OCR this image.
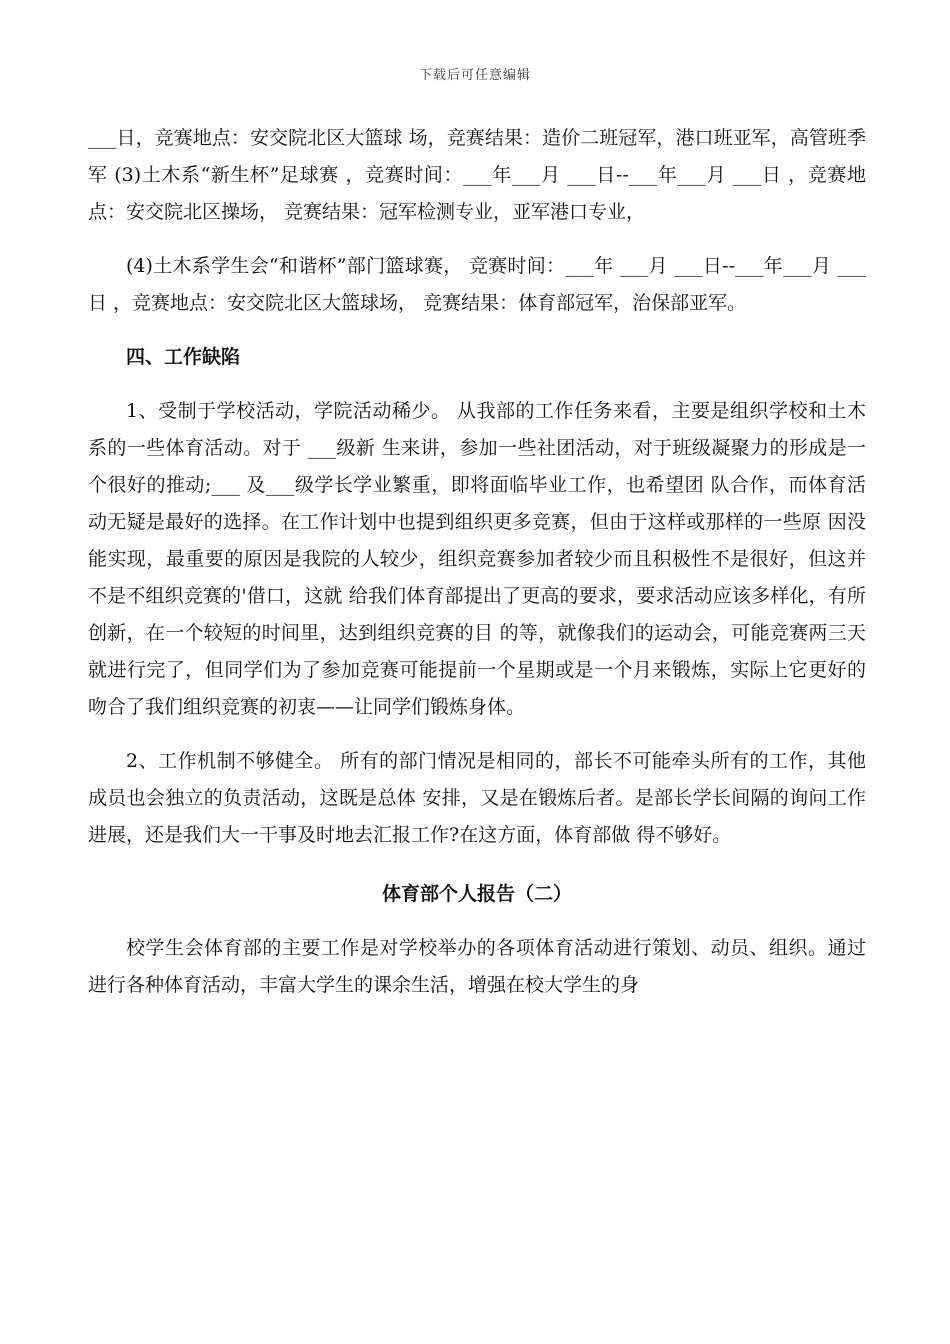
下载后可任意编辑

___日，竞赛地点：安交院北区大篮球 场，竞赛结果：造价二班冠军，港口班亚军，高管班季军 (3)土木系“新生杯”足球赛 ，竞赛时间：___年___月 ___日--___年___月 ___日 ，竞赛地点：安交院北区操场， 竞赛结果：冠军检测专业，亚军港口专业，

(4)土木系学生会“和谐杯”部门篮球赛， 竞赛时间：___年 ___月 ___日--___年___月 ___日 ，竞赛地点：安交院北区大篮球场， 竞赛结果：体育部冠军，治保部亚军。

四、工作缺陷

1、受制于学校活动，学院活动稀少。 从我部的工作任务来看，主要是组织学校和土木系的一些体育活动。对于 ___级新 生来讲，参加一些社团活动，对于班级凝聚力的形成是一个很好的推动;___ 及___级学长学业繁重，即将面临毕业工作，也希望团 队合作，而体育活动无疑是最好的选择。在工作计划中也提到组织更多竞赛，但由于这样或那样的一些原 因没能实现，最重要的原因是我院的人较少，组织竞赛参加者较少而且积极性不是很好，但这并不是不组织竞赛的'借口，这就 给我们体育部提出了更高的要求，要求活动应该多样化，有所创新，在一个较短的时间里，达到组织竞赛的目 的等，就像我们的运动会，可能竞赛两三天就进行完了，但同学们为了参加竞赛可能提前一个星期或是一个月来锻炼，实际上它更好的吻合了我们组织竞赛的初衷——让同学们锻炼身体。

2、工作机制不够健全。 所有的部门情况是相同的，部长不可能牵头所有的工作，其他成员也会独立的负责活动，这既是总体 安排，又是在锻炼后者。是部长学长间隔的询问工作进展，还是我们大一干事及时地去汇报工作?在这方面，体育部做 得不够好。

体育部个人报告（二）

校学生会体育部的主要工作是对学校举办的各项体育活动进行策划、动员、组织。通过进行各种体育活动，丰富大学生的课余生活，增强在校大学生的身
